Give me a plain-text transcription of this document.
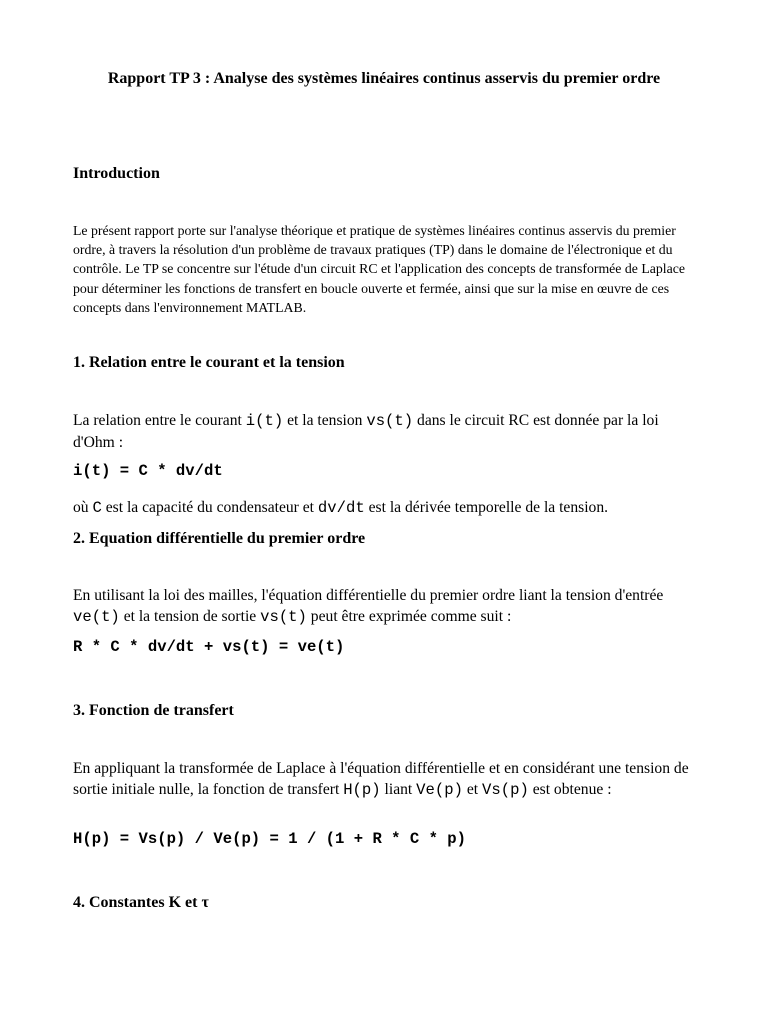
Rapport TP 3 : Analyse des systèmes linéaires continus asservis du premier ordre
Introduction

Le présent rapport porte sur l'analyse théorique et pratique de systèmes linéaires continus asservis du premier ordre, à travers la résolution d'un problème de travaux pratiques (TP) dans le domaine de l'électronique et du contrôle. Le TP se concentre sur l'étude d'un circuit RC et l'application des concepts de transformée de Laplace pour déterminer les fonctions de transfert en boucle ouverte et fermée, ainsi que sur la mise en œuvre de ces concepts dans l'environnement MATLAB.

1. Relation entre le courant et la tension

La relation entre le courant i(t) et la tension vs(t) dans le circuit RC est donnée par la loi d'Ohm :

i(t) = C * dv/dt

où C est la capacité du condensateur et dv/dt est la dérivée temporelle de la tension.

2. Equation différentielle du premier ordre

En utilisant la loi des mailles, l'équation différentielle du premier ordre liant la tension d'entrée ve(t) et la tension de sortie vs(t) peut être exprimée comme suit :

R * C * dv/dt + vs(t) = ve(t)
3. Fonction de transfert

En appliquant la transformée de Laplace à l'équation différentielle et en considérant une tension de sortie initiale nulle, la fonction de transfert H(p) liant Ve(p) et Vs(p) est obtenue :

H(p) = Vs(p) / Ve(p) = 1 / (1 + R * C * p)
4. Constantes K et τ
